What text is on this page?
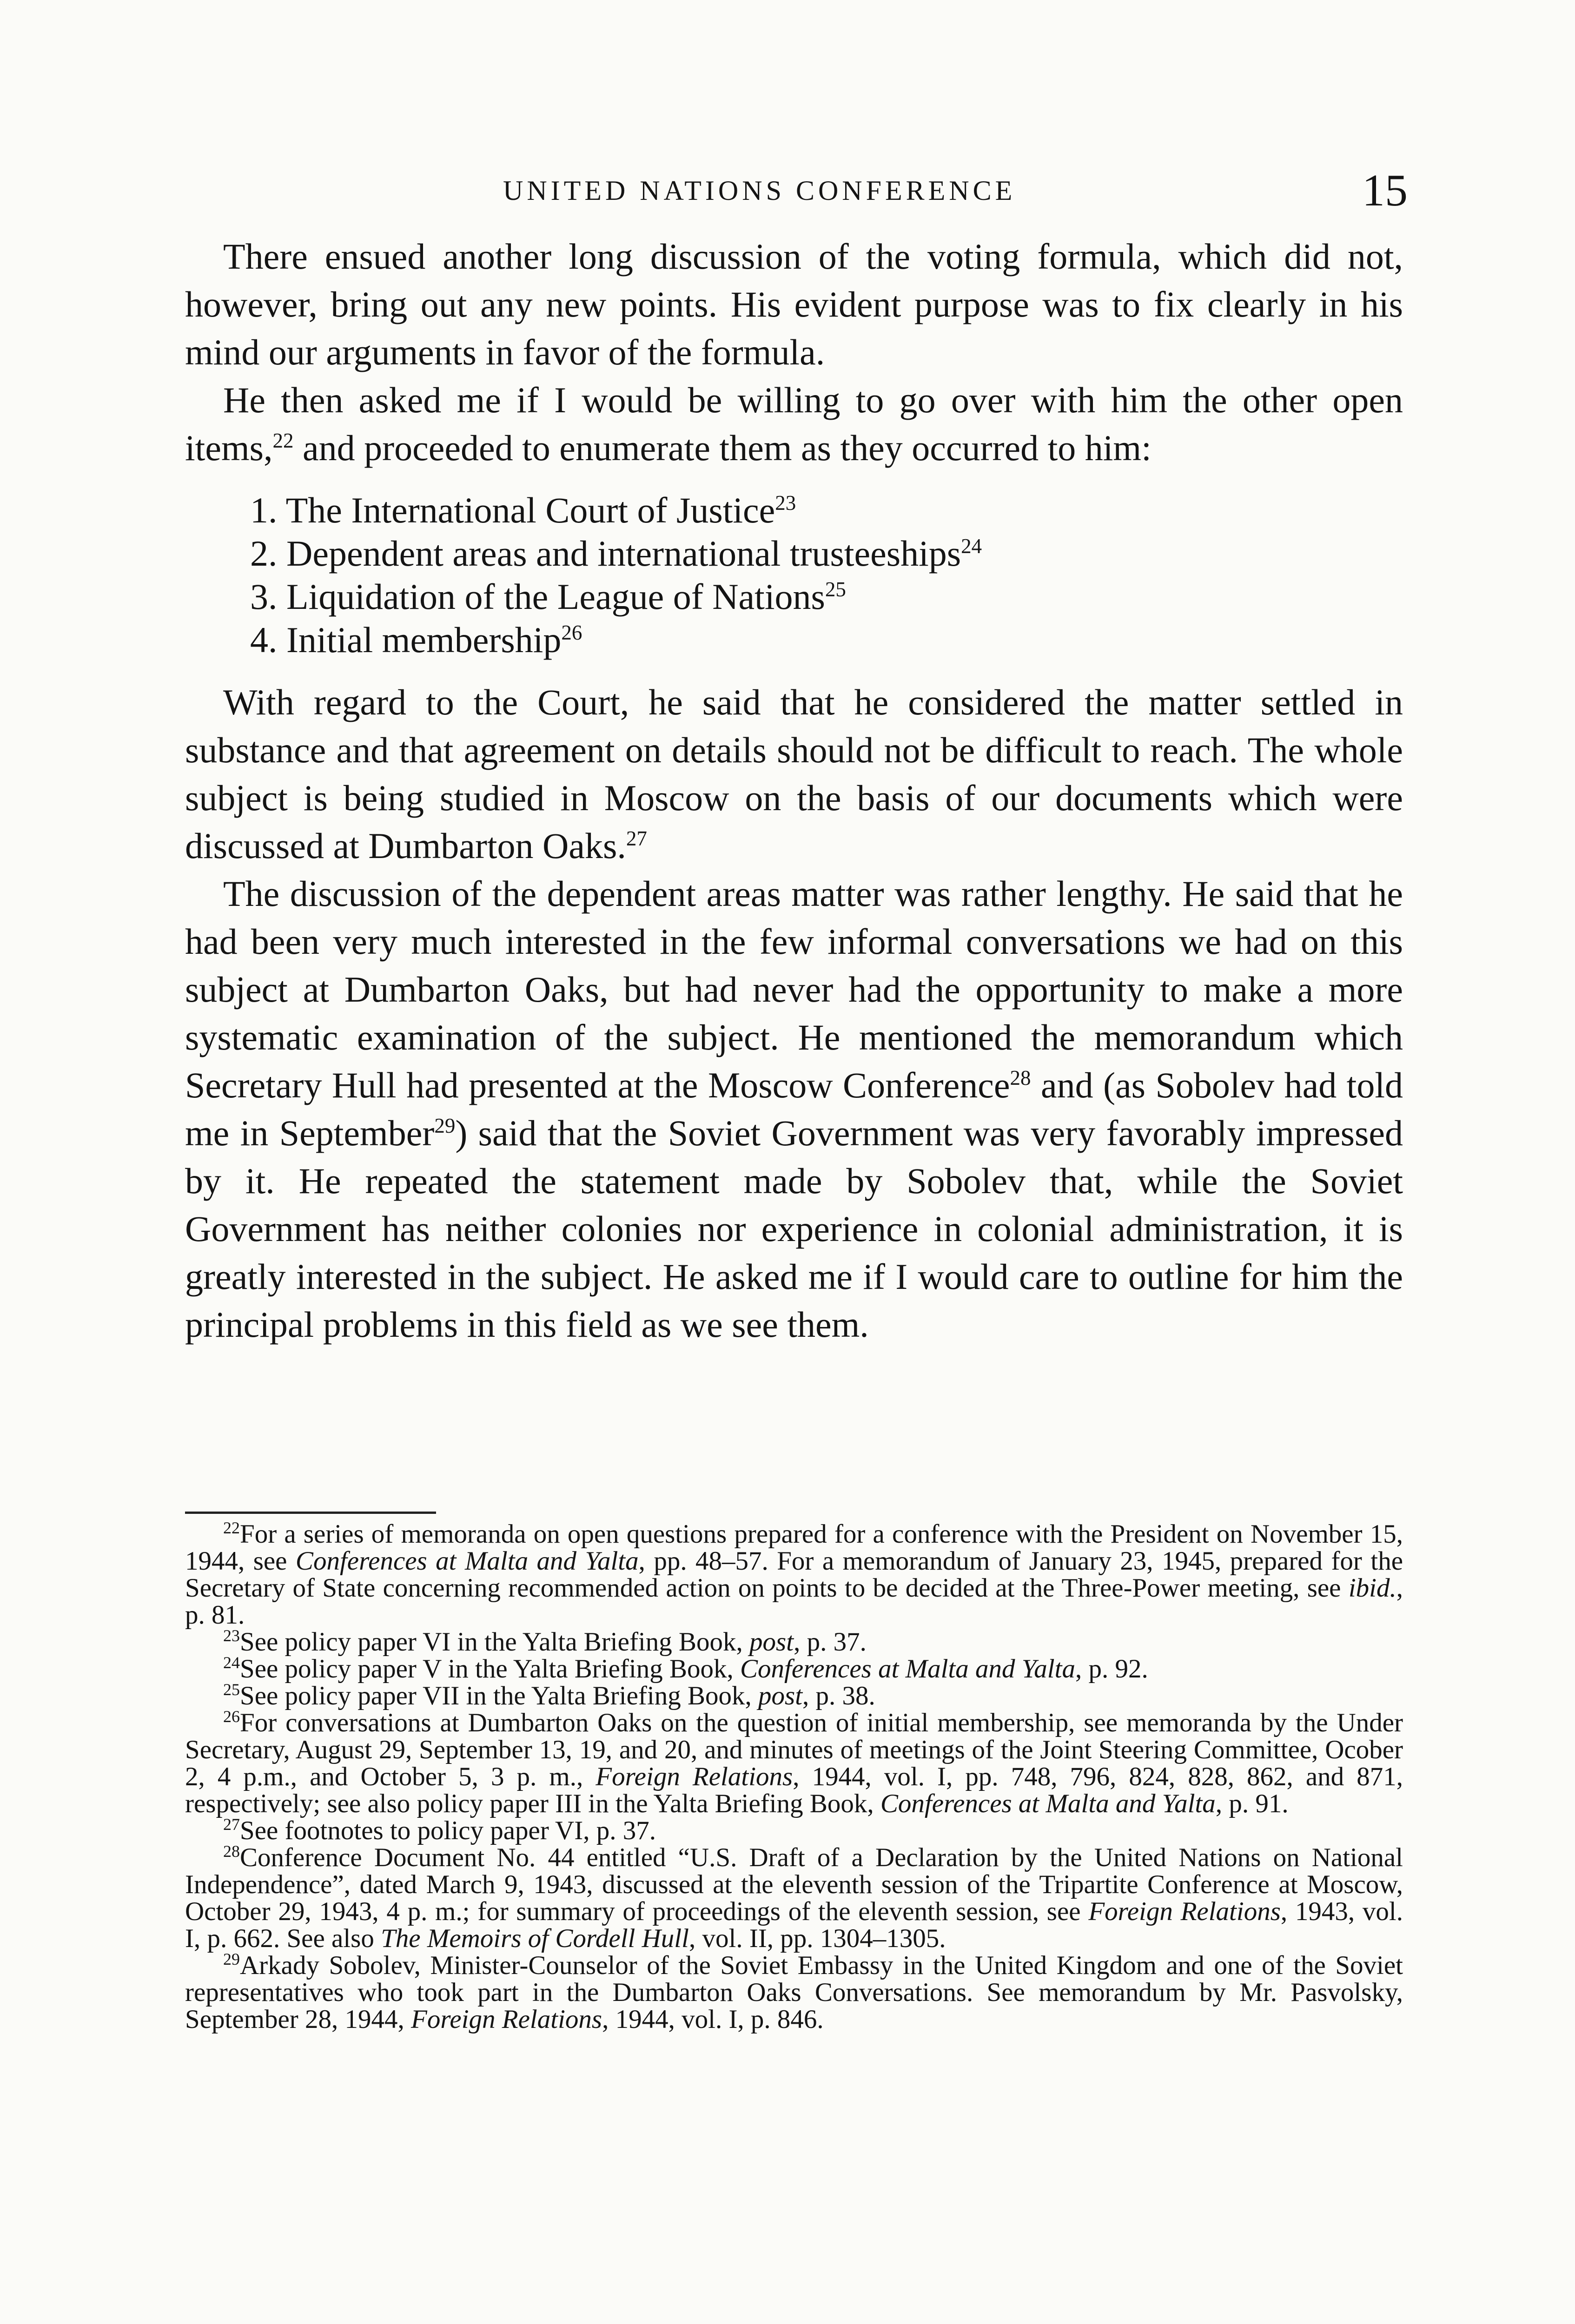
UNITED NATIONS CONFERENCE	15

There ensued another long discussion of the voting formula, which did not, however, bring out any new points. His evident purpose was to fix clearly in his mind our arguments in favor of the formula.

He then asked me if I would be willing to go over with him the other open items,$^{22}$ and proceeded to enumerate them as they occurred to him:

1. The International Court of Justice$^{23}$
2. Dependent areas and international trusteeships$^{24}$
3. Liquidation of the League of Nations$^{25}$
4. Initial membership$^{26}$

With regard to the Court, he said that he considered the matter settled in substance and that agreement on details should not be difficult to reach. The whole subject is being studied in Moscow on the basis of our documents which were discussed at Dumbarton Oaks.$^{27}$

The discussion of the dependent areas matter was rather lengthy. He said that he had been very much interested in the few informal conversations we had on this subject at Dumbarton Oaks, but had never had the opportunity to make a more systematic examination of the subject. He mentioned the memorandum which Secretary Hull had presented at the Moscow Conference$^{28}$ and (as Sobolev had told me in September$^{29}$) said that the Soviet Government was very favorably impressed by it. He repeated the statement made by Sobolev that, while the Soviet Government has neither colonies nor experience in colonial administration, it is greatly interested in the subject. He asked me if I would care to outline for him the principal problems in this field as we see them.

$^{22}$For a series of memoranda on open questions prepared for a conference with the President on November 15, 1944, see Conferences at Malta and Yalta, pp. 48–57. For a memorandum of January 23, 1945, prepared for the Secretary of State concerning recommended action on points to be decided at the Three-Power meeting, see ibid., p. 81.

$^{23}$See policy paper VI in the Yalta Briefing Book, post, p. 37.

$^{24}$See policy paper V in the Yalta Briefing Book, Conferences at Malta and Yalta, p. 92.

$^{25}$See policy paper VII in the Yalta Briefing Book, post, p. 38.

$^{26}$For conversations at Dumbarton Oaks on the question of initial membership, see memoranda by the Under Secretary, August 29, September 13, 19, and 20, and minutes of meetings of the Joint Steering Committee, Ocober 2, 4 p.m., and October 5, 3 p. m., Foreign Relations, 1944, vol. I, pp. 748, 796, 824, 828, 862, and 871, respectively; see also policy paper III in the Yalta Briefing Book, Conferences at Malta and Yalta, p. 91.

$^{27}$See footnotes to policy paper VI, p. 37.

$^{28}$Conference Document No. 44 entitled “U.S. Draft of a Declaration by the United Nations on National Independence”, dated March 9, 1943, discussed at the eleventh session of the Tripartite Conference at Moscow, October 29, 1943, 4 p. m.; for summary of proceedings of the eleventh session, see Foreign Relations, 1943, vol. I, p. 662. See also The Memoirs of Cordell Hull, vol. II, pp. 1304–1305.

$^{29}$Arkady Sobolev, Minister-Counselor of the Soviet Embassy in the United Kingdom and one of the Soviet representatives who took part in the Dumbarton Oaks Conversations. See memorandum by Mr. Pasvolsky, September 28, 1944, Foreign Relations, 1944, vol. I, p. 846.
